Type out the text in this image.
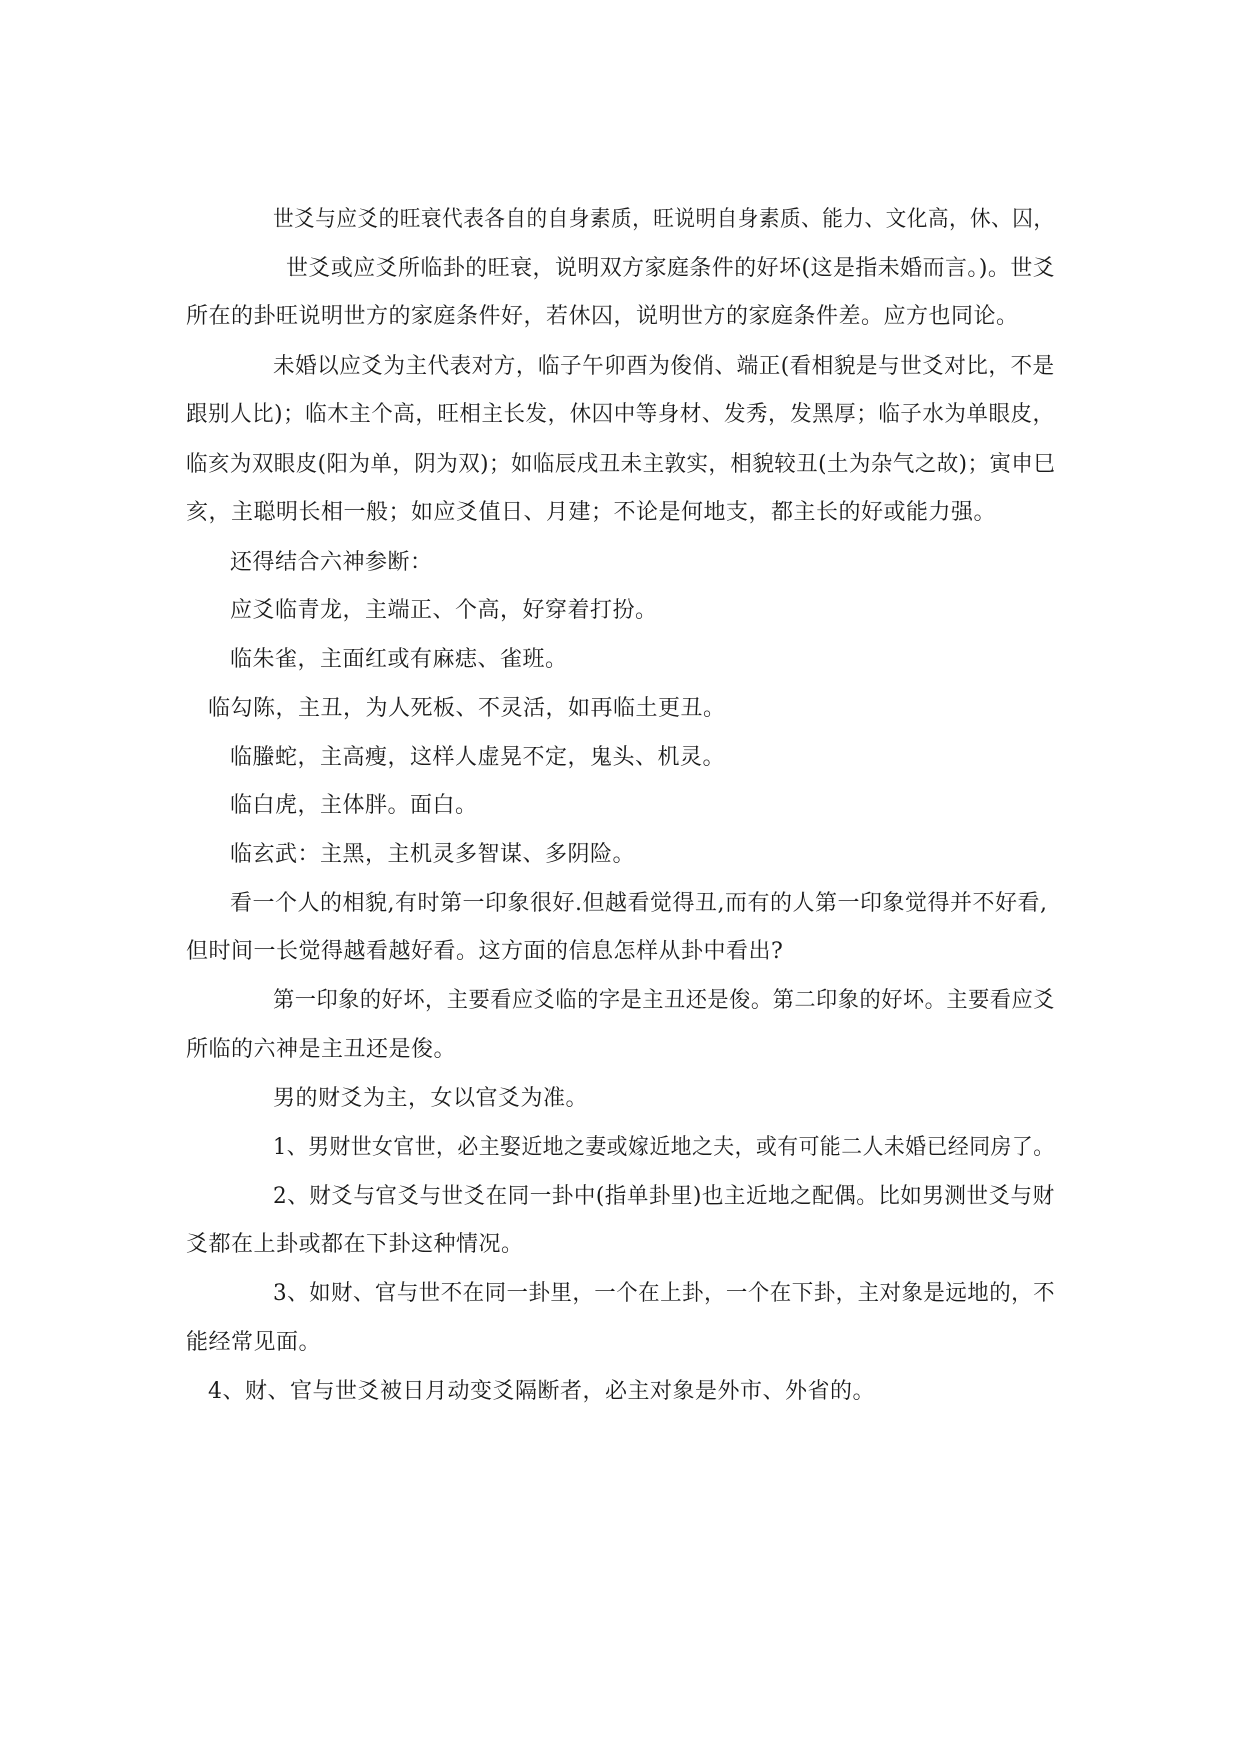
世爻与应爻的旺衰代表各自的自身素质，旺说明自身素质、能力、文化高，休、囚，
世爻或应爻所临卦的旺衰，说明双方家庭条件的好坏(这是指未婚而言。)。世爻
所在的卦旺说明世方的家庭条件好，若休囚，说明世方的家庭条件差。应方也同论。
未婚以应爻为主代表对方，临子午卯酉为俊俏、端正(看相貌是与世爻对比，不是
跟别人比)；临木主个高，旺相主长发，休囚中等身材、发秀，发黑厚；临子水为单眼皮，
临亥为双眼皮(阳为单，阴为双)；如临辰戌丑未主敦实，相貌较丑(土为杂气之故)；寅申巳
亥，主聪明长相一般；如应爻值日、月建；不论是何地支，都主长的好或能力强。
还得结合六神参断：
应爻临青龙，主端正、个高，好穿着打扮。
临朱雀，主面红或有麻痣、雀班。
临勾陈，主丑，为人死板、不灵活，如再临土更丑。
临螣蛇，主高瘦，这样人虚晃不定，鬼头、机灵。
临白虎，主体胖。面白。
临玄武：主黑，主机灵多智谋、多阴险。
看一个人的相貌,有时第一印象很好.但越看觉得丑,而有的人第一印象觉得并不好看,
但时间一长觉得越看越好看。这方面的信息怎样从卦中看出?
第一印象的好坏，主要看应爻临的字是主丑还是俊。第二印象的好坏。主要看应爻
所临的六神是主丑还是俊。
男的财爻为主，女以官爻为准。
1、男财世女官世，必主娶近地之妻或嫁近地之夫，或有可能二人未婚已经同房了。
2、财爻与官爻与世爻在同一卦中(指单卦里)也主近地之配偶。比如男测世爻与财
爻都在上卦或都在下卦这种情况。
3、如财、官与世不在同一卦里，一个在上卦，一个在下卦，主对象是远地的，不
能经常见面。
4、财、官与世爻被日月动变爻隔断者，必主对象是外市、外省的。
